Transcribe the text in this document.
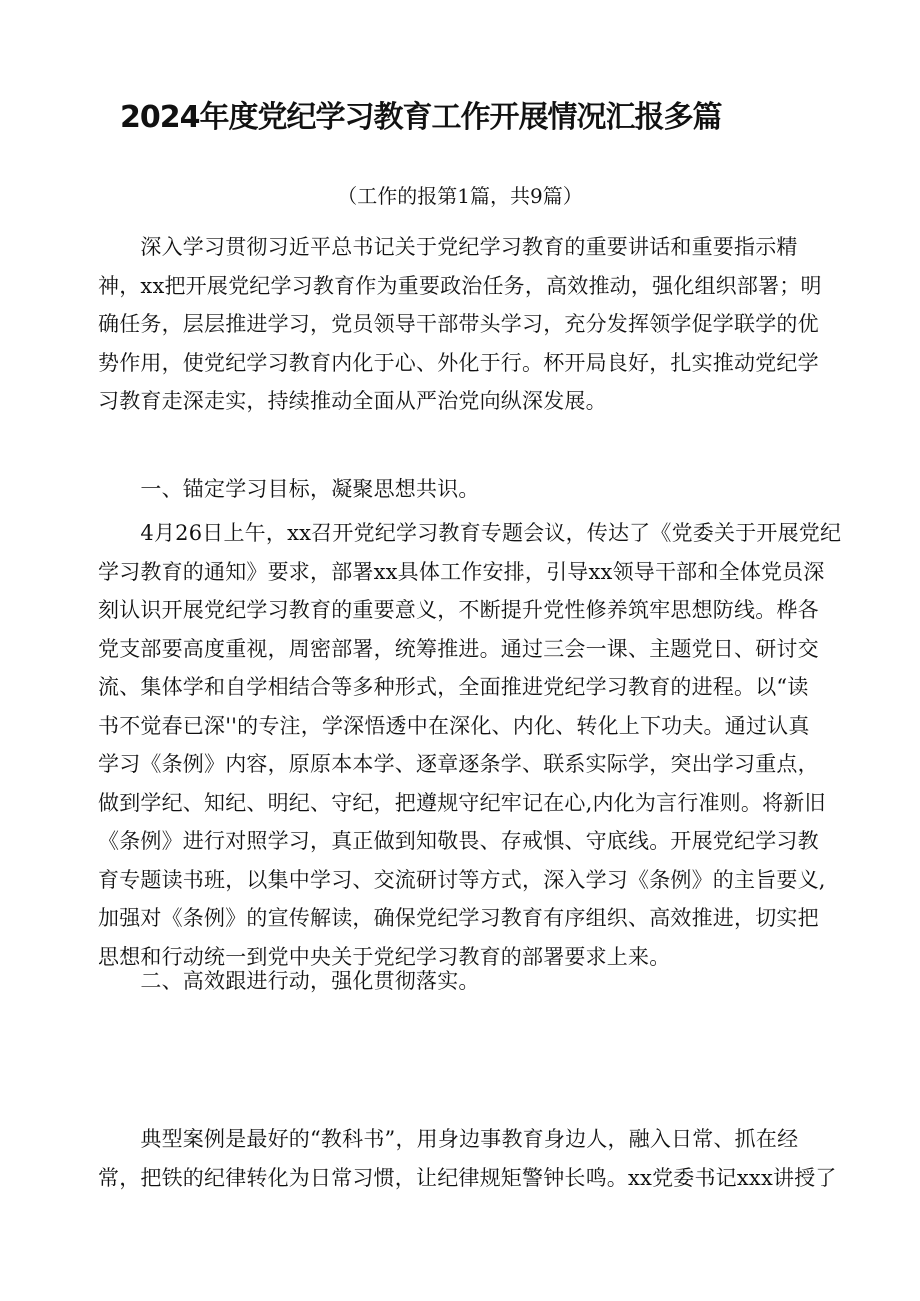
2024年度党纪学习教育工作开展情况汇报多篇
（工作的报第1篇，共9篇）
　　深入学习贯彻习近平总书记关于党纪学习教育的重要讲话和重要指示精
神，xx把开展党纪学习教育作为重要政治任务，高效推动，强化组织部署；明
确任务，层层推进学习，党员领导干部带头学习，充分发挥领学促学联学的优
势作用，使党纪学习教育内化于心、外化于行。杯开局良好，扎实推动党纪学
习教育走深走实，持续推动全面从严治党向纵深发展。
　　一、锚定学习目标，凝聚思想共识。
　　4月26日上午，xx召开党纪学习教育专题会议，传达了《党委关于开展党纪
学习教育的通知》要求，部署xx具体工作安排，引导xx领导干部和全体党员深
刻认识开展党纪学习教育的重要意义，不断提升党性修养筑牢思想防线。桦各
党支部要高度重视，周密部署，统筹推进。通过三会一课、主题党日、研讨交
流、集体学和自学相结合等多种形式，全面推进党纪学习教育的进程。以“读
书不觉春已深''的专注，学深悟透中在深化、内化、转化上下功夫。通过认真
学习《条例》内容，原原本本学、逐章逐条学、联系实际学，突出学习重点，
做到学纪、知纪、明纪、守纪，把遵规守纪牢记在心,内化为言行准则。将新旧
《条例》进行对照学习，真正做到知敬畏、存戒惧、守底线。开展党纪学习教
育专题读书班，以集中学习、交流研讨等方式，深入学习《条例》的主旨要义,
加强对《条例》的宣传解读，确保党纪学习教育有序组织、高效推进，切实把
思想和行动统一到党中央关于党纪学习教育的部署要求上来。
　　二、高效跟进行动，强化贯彻落实。
　　典型案例是最好的“教科书”，用身边事教育身边人，融入日常、抓在经
常，把铁的纪律转化为日常习惯，让纪律规矩警钟长鸣。xx党委书记xxx讲授了
